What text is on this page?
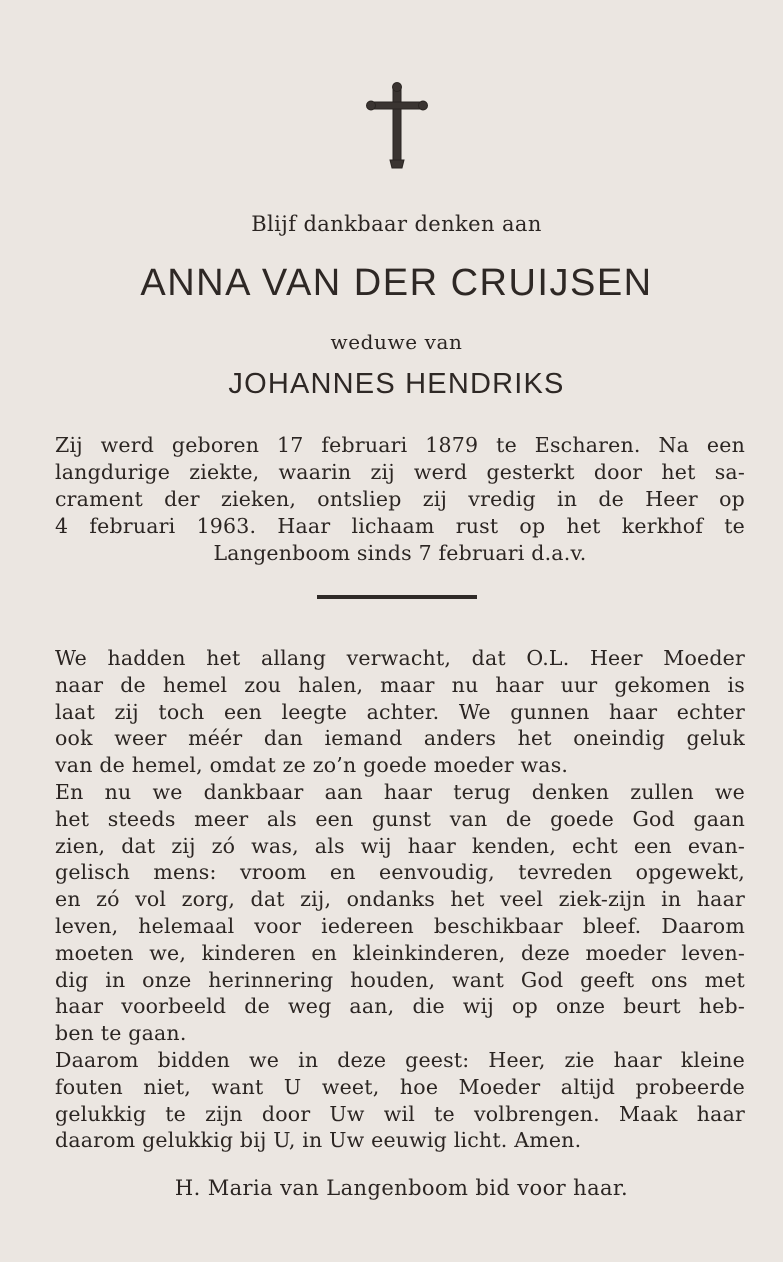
Blijf dankbaar denken aan
ANNA VAN DER CRUIJSEN
weduwe van
JOHANNES HENDRIKS
Zij werd geboren 17 februari 1879 te Escharen. Na een
langdurige ziekte, waarin zij werd gesterkt door het sa-
crament der zieken, ontsliep zij vredig in de Heer op
4 februari 1963. Haar lichaam rust op het kerkhof te
Langenboom sinds 7 februari d.a.v.
We hadden het allang verwacht, dat O.L. Heer Moeder
naar de hemel zou halen, maar nu haar uur gekomen is
laat zij toch een leegte achter. We gunnen haar echter
ook weer méér dan iemand anders het oneindig geluk
van de hemel, omdat ze zo’n goede moeder was.
En nu we dankbaar aan haar terug denken zullen we
het steeds meer als een gunst van de goede God gaan
zien, dat zij zó was, als wij haar kenden, echt een evan-
gelisch mens: vroom en eenvoudig, tevreden opgewekt,
en zó vol zorg, dat zij, ondanks het veel ziek-zijn in haar
leven, helemaal voor iedereen beschikbaar bleef. Daarom
moeten we, kinderen en kleinkinderen, deze moeder leven-
dig in onze herinnering houden, want God geeft ons met
haar voorbeeld de weg aan, die wij op onze beurt heb-
ben te gaan.
Daarom bidden we in deze geest: Heer, zie haar kleine
fouten niet, want U weet, hoe Moeder altijd probeerde
gelukkig te zijn door Uw wil te volbrengen. Maak haar
daarom gelukkig bij U, in Uw eeuwig licht. Amen.
H. Maria van Langenboom bid voor haar.
